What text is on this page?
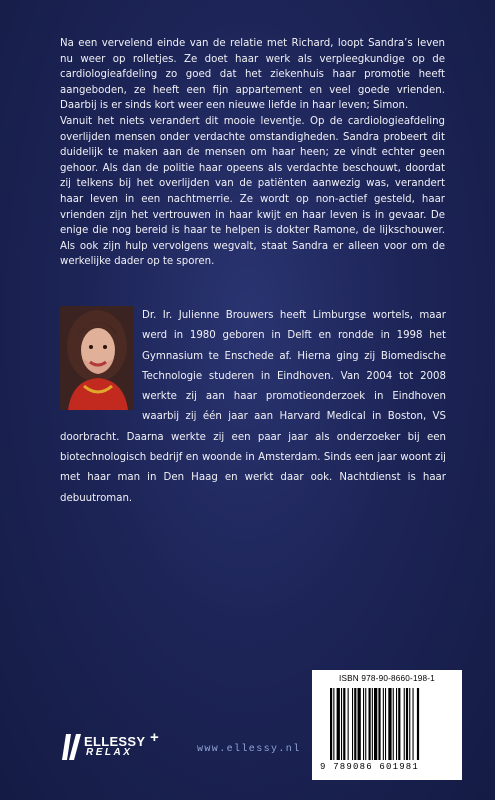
Na een vervelend einde van de relatie met Richard, loopt Sandra’s leven nu weer op rolletjes. Ze doet haar werk als verpleegkundige op de cardiologieafdeling zo goed dat het ziekenhuis haar promotie heeft aangeboden, ze heeft een fijn appartement en veel goede vrienden. Daarbij is er sinds kort weer een nieuwe liefde in haar leven; Simon.

Vanuit het niets verandert dit mooie leventje. Op de cardiologieafdeling overlijden mensen onder verdachte omstandigheden. Sandra probeert dit duidelijk te maken aan de mensen om haar heen; ze vindt echter geen gehoor. Als dan de politie haar opeens als verdachte beschouwt, doordat zij telkens bij het overlijden van de patiënten aanwezig was, verandert haar leven in een nachtmerrie. Ze wordt op non-actief gesteld, haar vrienden zijn het vertrouwen in haar kwijt en haar leven is in gevaar. De enige die nog bereid is haar te helpen is dokter Ramone, de lijkschouwer. Als ook zijn hulp vervolgens wegvalt, staat Sandra er alleen voor om de werkelijke dader op te sporen.

Dr. Ir. Julienne Brouwers heeft Limburgse wortels, maar werd in 1980 geboren in Delft en rondde in 1998 het Gymnasium te Enschede af. Hierna ging zij Biomedische Technologie studeren in Eindhoven. Van 2004 tot 2008 werkte zij aan haar promotieonderzoek in Eindhoven waarbij zij één jaar aan Harvard Medical in Boston, VS doorbracht. Daarna werkte zij een paar jaar als onderzoeker bij een biotechnologisch bedrijf en woonde in Amsterdam. Sinds een jaar woont zij met haar man in Den Haag en werkt daar ook. Nachtdienst is haar debuutroman.

ELLESSY
RELAX
+
www.ellessy.nl
ISBN 978-90-8660-198-1
9 789086 601981
